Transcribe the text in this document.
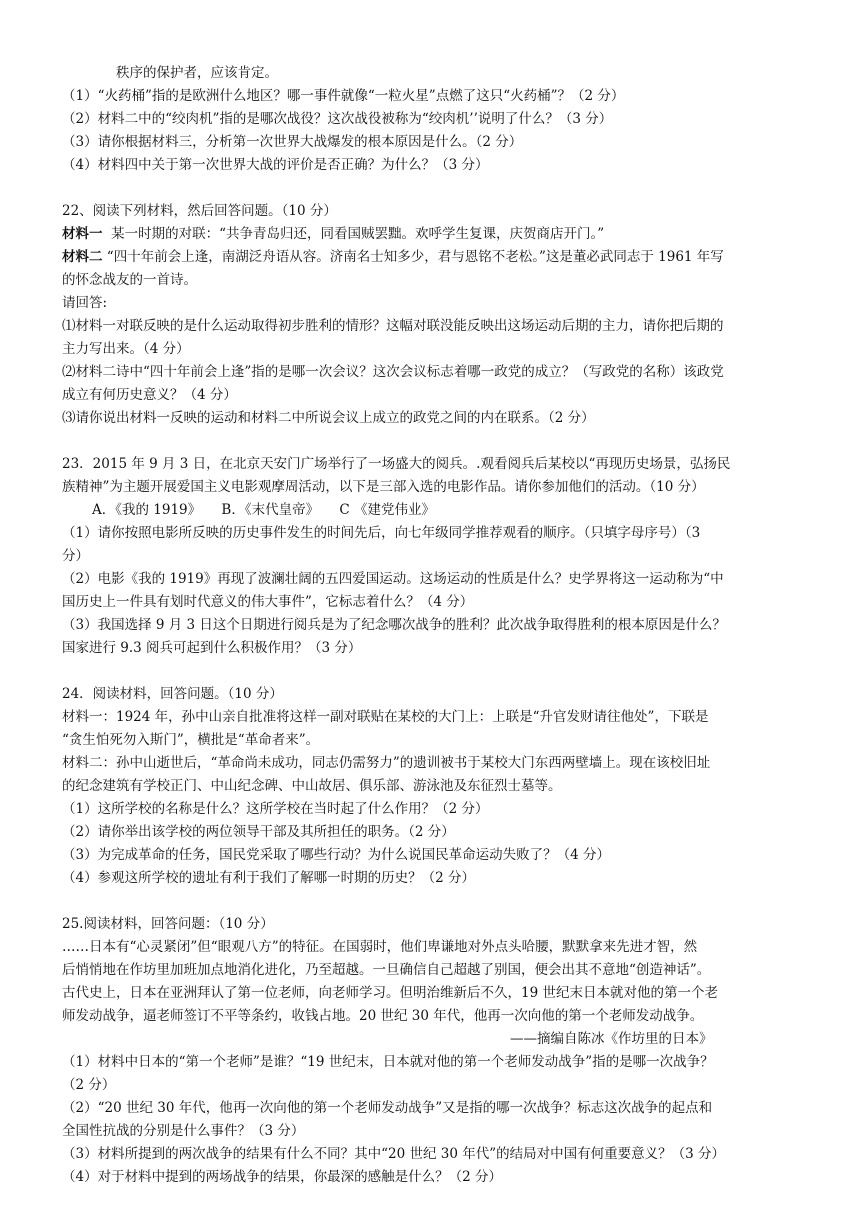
秩序的保护者，应该肯定。
（1）“火药桶”指的是欧洲什么地区？哪一事件就像“一粒火星”点燃了这只“火药桶”？（2 分）
（2）材料二中的“绞肉机”指的是哪次战役？这次战役被称为“绞肉机’’说明了什么？（3 分）
（3）请你根据材料三，分析第一次世界大战爆发的根本原因是什么。（2 分）
（4）材料四中关于第一次世界大战的评价是否正确？为什么？（3 分）
22、阅读下列材料，然后回答问题。（10 分）
材料一 某一时期的对联：“共争青岛归还，同看国贼罢黜。欢呼学生复课，庆贺商店开门。”
材料二 “四十年前会上逢，南湖泛舟语从容。济南名士知多少，君与恩铭不老松。”这是董必武同志于 1961 年写
的怀念战友的一首诗。
请回答:
⑴材料一对联反映的是什么运动取得初步胜利的情形？这幅对联没能反映出这场运动后期的主力，请你把后期的
主力写出来。（4 分）
⑵材料二诗中“四十年前会上逢”指的是哪一次会议？这次会议标志着哪一政党的成立？（写政党的名称）该政党
成立有何历史意义？（4 分）
⑶请你说出材料一反映的运动和材料二中所说会议上成立的政党之间的内在联系。（2 分）
23．2015 年 9 月 3 日，在北京天安门广场举行了一场盛大的阅兵。.观看阅兵后某校以“再现历史场景，弘扬民
族精神”为主题开展爱国主义电影观摩周活动，以下是三部入选的电影作品。请你参加他们的活动。（10 分）
A．《我的 1919》　　B．《末代皇帝》　　C 《建党伟业》
（1）请你按照电影所反映的历史事件发生的时间先后，向七年级同学推荐观看的顺序。（只填字母序号）（3
分）
（2）电影《我的 1919》再现了波澜壮阔的五四爱国运动。这场运动的性质是什么？史学界将这一运动称为“中
国历史上一件具有划时代意义的伟大事件”，它标志着什么？（4 分）
（3）我国选择 9 月 3 日这个日期进行阅兵是为了纪念哪次战争的胜利？此次战争取得胜利的根本原因是什么？
国家进行 9.3 阅兵可起到什么积极作用？（3 分）
24．阅读材料，回答问题。（10 分）
材料一：1924 年，孙中山亲自批准将这样一副对联贴在某校的大门上：上联是“升官发财请往他处”，下联是
“贪生怕死勿入斯门”，横批是“革命者来”。
材料二：孙中山逝世后，“革命尚未成功，同志仍需努力”的遗训被书于某校大门东西两壁墙上。现在该校旧址
的纪念建筑有学校正门、中山纪念碑、中山故居、俱乐部、游泳池及东征烈士墓等。
（1）这所学校的名称是什么？这所学校在当时起了什么作用？（2 分）
（2）请你举出该学校的两位领导干部及其所担任的职务。（2 分）
（3）为完成革命的任务，国民党采取了哪些行动？为什么说国民革命运动失败了？（4 分）
（4）参观这所学校的遗址有利于我们了解哪一时期的历史？（2 分）
25.阅读材料，回答问题：（10 分）
……日本有“心灵紧闭”但“眼观八方”的特征。在国弱时，他们卑谦地对外点头哈腰，默默拿来先进才智，然
后悄悄地在作坊里加班加点地消化进化，乃至超越。一旦确信自己超越了别国，便会出其不意地“创造神话”。
古代史上，日本在亚洲拜认了第一位老师，向老师学习。但明治维新后不久，19 世纪末日本就对他的第一个老
师发动战争，逼老师签订不平等条约，收钱占地。20 世纪 30 年代，他再一次向他的第一个老师发动战争。
——摘编自陈冰《作坊里的日本》
（1）材料中日本的“第一个老师”是谁？“19 世纪末，日本就对他的第一个老师发动战争”指的是哪一次战争？
（2 分）
（2）“20 世纪 30 年代，他再一次向他的第一个老师发动战争”又是指的哪一次战争？标志这次战争的起点和
全国性抗战的分别是什么事件？（3 分）
（3）材料所提到的两次战争的结果有什么不同？其中“20 世纪 30 年代”的结局对中国有何重要意义？（3 分）
（4）对于材料中提到的两场战争的结果，你最深的感触是什么？（2 分）
